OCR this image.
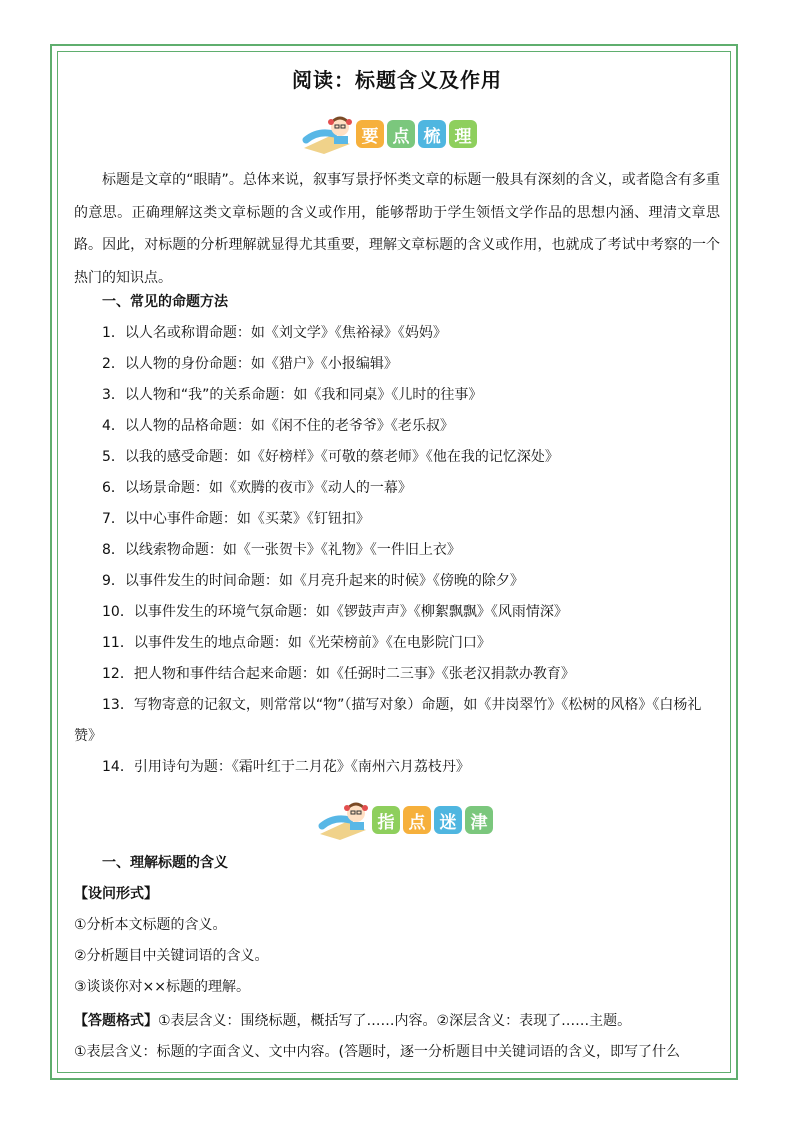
阅读：标题含义及作用
要 点 梳 理
标题是文章的“眼睛”。总体来说，叙事写景抒怀类文章的标题一般具有深刻的含义，或者隐含有多重的意思。正确理解这类文章标题的含义或作用，能够帮助于学生领悟文学作品的思想内涵、理清文章思路。因此，对标题的分析理解就显得尤其重要，理解文章标题的含义或作用，也就成了考试中考察的一个热门的知识点。
一、常见的命题方法
1．以人名或称谓命题：如《刘文学》《焦裕禄》《妈妈》
2．以人物的身份命题：如《猎户》《小报编辑》
3．以人物和“我”的关系命题：如《我和同桌》《儿时的往事》
4．以人物的品格命题：如《闲不住的老爷爷》《老乐叔》
5．以我的感受命题：如《好榜样》《可敬的蔡老师》《他在我的记忆深处》
6．以场景命题：如《欢腾的夜市》《动人的一幕》
7．以中心事件命题：如《买菜》《钉钮扣》
8．以线索物命题：如《一张贺卡》《礼物》《一件旧上衣》
9．以事件发生的时间命题：如《月亮升起来的时候》《傍晚的除夕》
10．以事件发生的环境气氛命题：如《锣鼓声声》《柳絮飘飘》《风雨情深》
11．以事件发生的地点命题：如《光荣榜前》《在电影院门口》
12．把人物和事件结合起来命题：如《任弼时二三事》《张老汉捐款办教育》
13．写物寄意的记叙文，则常常以“物”（描写对象）命题，如《井岗翠竹》《松树的风格》《白杨礼
赞》
14．引用诗句为题：《霜叶红于二月花》《南州六月荔枝丹》
指 点 迷 津
一、理解标题的含义
【设问形式】
①分析本文标题的含义。
②分析题目中关键词语的含义。
③谈谈你对××标题的理解。
【答题格式】①表层含义：围绕标题，概括写了……内容。②深层含义：表现了……主题。
①表层含义：标题的字面含义、文中内容。(答题时，逐一分析题目中关键词语的含义，即写了什么
